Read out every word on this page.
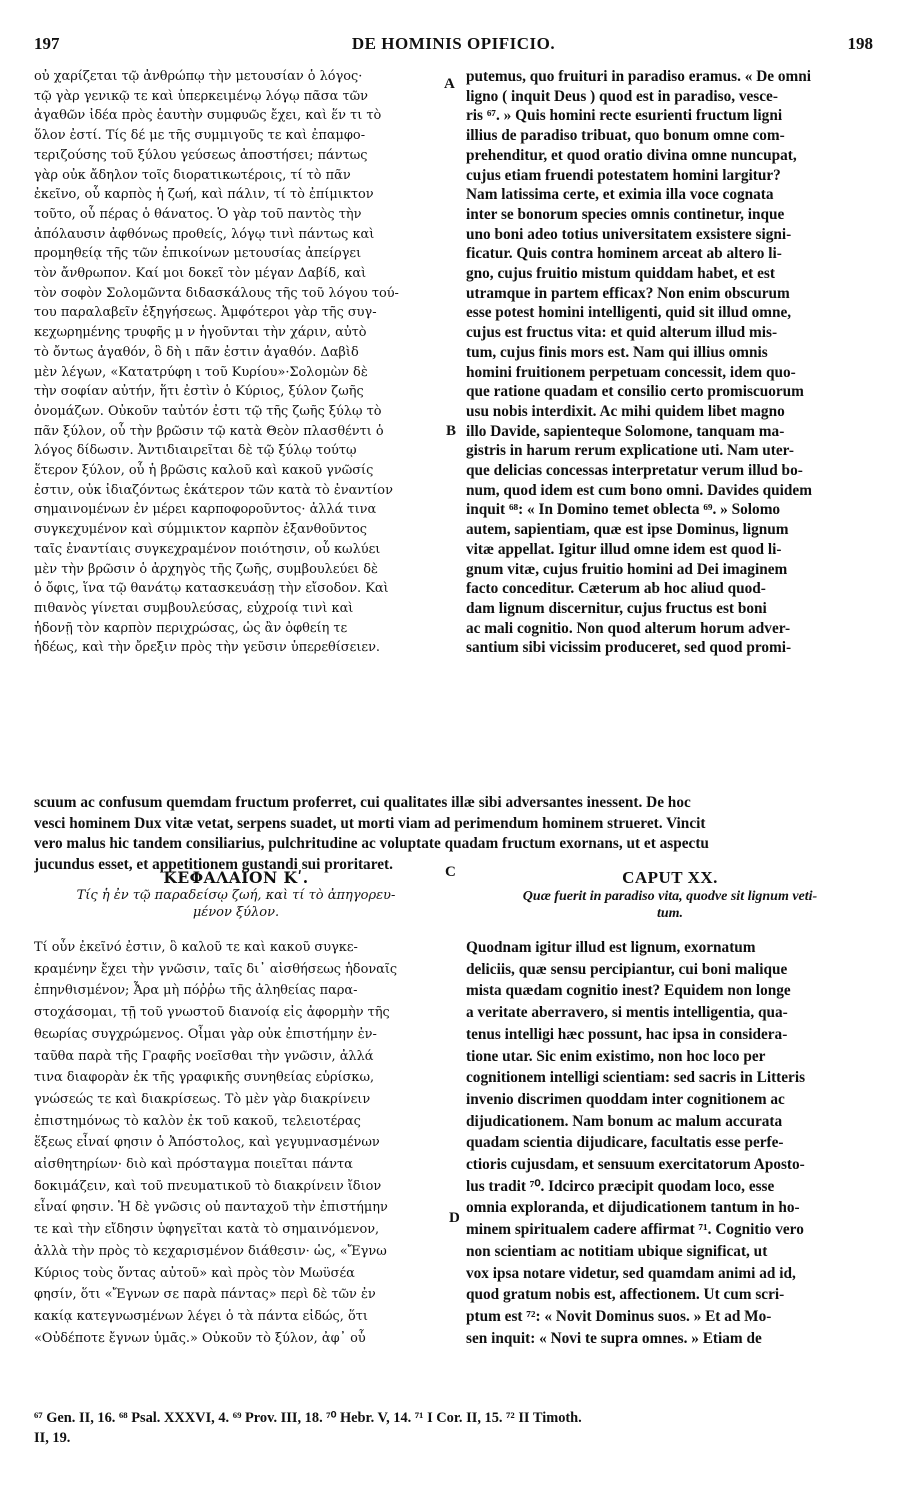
197	DE HOMINIS OPIFICIO.	198
οὐ χαρίζεται τῷ ἀνθρώπῳ τὴν μετουσίαν ὁ λόγος·
τῷ γὰρ γενικῷ τε καὶ ὑπερκειμένῳ λόγῳ πᾶσα τῶν
ἀγαθῶν ἰδέα πρὸς ἑαυτὴν συμφυῶς ἔχει, καὶ ἕν τι τὸ
ὅλον ἐστί. Τίς δέ με τῆς συμμιγοῦς τε καὶ ἐπαμφο-
τεριζούσης τοῦ ξύλου γεύσεως ἀποστήσει; πάντως
γὰρ οὐκ ἄδηλον τοῖς διορατικωτέροις, τί τὸ πᾶν
ἐκεῖνο, οὗ καρπὸς ἡ ζωή, καὶ πάλιν, τί τὸ ἐπίμικτον
τοῦτο, οὗ πέρας ὁ θάνατος. Ὁ γὰρ τοῦ παντὸς τὴν
ἀπόλαυσιν ἀφθόνως προθείς, λόγῳ τινὶ πάντως καὶ
προμηθείᾳ τῆς τῶν ἐπικοίνων μετουσίας ἀπείργει
τὸν ἄνθρωπον. Καί μοι δοκεῖ τὸν μέγαν Δαβίδ, καὶ
τὸν σοφὸν Σολομῶντα διδασκάλους τῆς τοῦ λόγου τού-
του παραλαβεῖν ἐξηγήσεως. Ἀμφότεροι γὰρ τῆς συγ-
κεχωρημένης τρυφῆς μ ν ἡγοῦνται τὴν χάριν, αὐτὸ
τὸ ὄντως ἀγαθόν, ὃ δὴ ι πᾶν ἐστιν ἀγαθόν. Δαβὶδ
μὲν λέγων, «Κατατρύφη ι τοῦ Κυρίου»·Σολομὼν δὲ
τὴν σοφίαν αὐτήν, ἥτι ἐστὶν ὁ Κύριος, ξύλον ζωῆς
ὀνομάζων. Οὐκοῦν ταὐτόν ἐστι τῷ τῆς ζωῆς ξύλῳ τὸ
πᾶν ξύλον, οὗ τὴν βρῶσιν τῷ κατὰ Θεὸν πλασθέντι ὁ
λόγος δίδωσιν. Ἀντιδιαιρεῖται δὲ τῷ ξύλῳ τούτῳ
ἕτερον ξύλον, οὗ ἡ βρῶσις καλοῦ καὶ κακοῦ γνῶσίς
ἐστιν, οὐκ ἰδιαζόντως ἑκάτερον τῶν κατὰ τὸ ἐναντίον
σημαινομένων ἐν μέρει καρποφοροῦντος· ἀλλά τινα
συγκεχυμένον καὶ σύμμικτον καρπὸν ἐξανθοῦντος
ταῖς ἐναντίαις συγκεχραμένον ποιότησιν, οὗ κωλύει
μὲν τὴν βρῶσιν ὁ ἀρχηγὸς τῆς ζωῆς, συμβουλεύει δὲ
ὁ ὄφις, ἵνα τῷ θανάτῳ κατασκευάσῃ τὴν εἴσοδον. Καὶ
πιθανὸς γίνεται συμβουλεύσας, εὐχροίᾳ τινὶ καὶ
ἡδονῇ τὸν καρπὸν περιχρώσας, ὡς ἂν ὀφθείη τε
ἡδέως, καὶ τὴν ὄρεξιν πρὸς τὴν γεῦσιν ὑπερεθίσειεν.
A
B
putemus, quo fruituri in paradiso eramus. « De omni
ligno ( inquit Deus ) quod est in paradiso, vesce-
ris ⁶⁷. » Quis homini recte esurienti fructum ligni
illius de paradiso tribuat, quo bonum omne com-
prehenditur, et quod oratio divina omne nuncupat,
cujus etiam fruendi potestatem homini largitur?
Nam latissima certe, et eximia illa voce cognata
inter se bonorum species omnis continetur, inque
uno boni adeo totius universitatem exsistere signi-
ficatur. Quis contra hominem arceat ab altero li-
gno, cujus fruitio mistum quiddam habet, et est
utramque in partem efficax? Non enim obscurum
esse potest homini intelligenti, quid sit illud omne,
cujus est fructus vita: et quid alterum illud mis-
tum, cujus finis mors est. Nam qui illius omnis
homini fruitionem perpetuam concessit, idem quo-
que ratione quadam et consilio certo promiscuorum
usu nobis interdixit. Ac mihi quidem libet magno
illo Davide, sapienteque Solomone, tanquam ma-
gistris in harum rerum explicatione uti. Nam uter-
que delicias concessas interpretatur verum illud bo-
num, quod idem est cum bono omni. Davides quidem
inquit ⁶⁸: « In Domino temet oblecta ⁶⁹. » Solomo
autem, sapientiam, quæ est ipse Dominus, lignum
vitæ appellat. Igitur illud omne idem est quod li-
gnum vitæ, cujus fruitio homini ad Dei imaginem
facto conceditur. Cæterum ab hoc aliud quod-
dam lignum discernitur, cujus fructus est boni
ac mali cognitio. Non quod alterum horum adver-
santium sibi vicissim produceret, sed quod promi-
scuum ac confusum quemdam fructum proferret, cui qualitates illæ sibi adversantes inessent. De hoc
vesci hominem Dux vitæ vetat, serpens suadet, ut morti viam ad perimendum hominem strueret. Vincit
vero malus hic tandem consiliarius, pulchritudine ac voluptate quadam fructum exornans, ut et aspectu
jucundus esset, et appetitionem gustandi sui proritaret.	C
ΚΕΦΑΛΑΙΟΝ Κʹ.
Τίς ἡ ἐν τῷ παραδείσῳ ζωή, καὶ τί τὸ ἀπηγορευ-
μένον ξύλον.
CAPUT XX.
Quæ fuerit in paradiso vita, quodve sit lignum veti-
tum.
Τί οὖν ἐκεῖνό ἐστιν, ὃ καλοῦ τε καὶ κακοῦ συγκε-
κραμένην ἔχει τὴν γνῶσιν, ταῖς δι᾽ αἰσθήσεως ἡδοναῖς
ἐπηνθισμένον; Ἆρα μὴ πόῤῥω τῆς ἀληθείας παρα-
στοχάσομαι, τῇ τοῦ γνωστοῦ διανοίᾳ εἰς ἀφορμὴν τῆς
θεωρίας συγχρώμενος. Οἶμαι γὰρ οὐκ ἐπιστήμην ἐν-
ταῦθα παρὰ τῆς Γραφῆς νοεῖσθαι τὴν γνῶσιν, ἀλλά
τινα διαφορὰν ἐκ τῆς γραφικῆς συνηθείας εὑρίσκω,
γνώσεώς τε καὶ διακρίσεως. Τὸ μὲν γὰρ διακρίνειν
ἐπιστημόνως τὸ καλὸν ἐκ τοῦ κακοῦ, τελειοτέρας
ἕξεως εἶναί φησιν ὁ Ἀπόστολος, καὶ γεγυμνασμένων
αἰσθητηρίων· διὸ καὶ πρόσταγμα ποιεῖται πάντα
δοκιμάζειν, καὶ τοῦ πνευματικοῦ τὸ διακρίνειν ἴδιον
εἶναί φησιν. Ἡ δὲ γνῶσις οὐ πανταχοῦ τὴν ἐπιστήμην
τε καὶ τὴν εἴδησιν ὑφηγεῖται κατὰ τὸ σημαινόμενον,
ἀλλὰ τὴν πρὸς τὸ κεχαρισμένον διάθεσιν· ὡς, «Ἔγνω
Κύριος τοὺς ὄντας αὐτοῦ» καὶ πρὸς τὸν Μωϋσέα
φησίν, ὅτι «Ἔγνων σε παρὰ πάντας» περὶ δὲ τῶν ἐν
κακίᾳ κατεγνωσμένων λέγει ὁ τὰ πάντα εἰδώς, ὅτι
«Οὐδέποτε ἔγνων ὑμᾶς.» Οὐκοῦν τὸ ξύλον, ἀφ᾽ οὗ
D
Quodnam igitur illud est lignum, exornatum
deliciis, quæ sensu percipiantur, cui boni malique
mista quædam cognitio inest? Equidem non longe
a veritate aberravero, si mentis intelligentia, qua-
tenus intelligi hæc possunt, hac ipsa in considera-
tione utar. Sic enim existimo, non hoc loco per
cognitionem intelligi scientiam: sed sacris in Litteris
invenio discrimen quoddam inter cognitionem ac
dijudicationem. Nam bonum ac malum accurata
quadam scientia dijudicare, facultatis esse perfe-
ctioris cujusdam, et sensuum exercitatorum Aposto-
lus tradit ⁷⁰. Idcirco præcipit quodam loco, esse
omnia exploranda, et dijudicationem tantum in ho-
minem spiritualem cadere affirmat ⁷¹. Cognitio vero
non scientiam ac notitiam ubique significat, ut
vox ipsa notare videtur, sed quamdam animi ad id,
quod gratum nobis est, affectionem. Ut cum scri-
ptum est ⁷²: « Novit Dominus suos. » Et ad Mo-
sen inquit: « Novi te supra omnes. » Etiam de
⁶⁷ Gen. II, 16. ⁶⁸ Psal. XXXVI, 4. ⁶⁹ Prov. III, 18. ⁷⁰ Hebr. V, 14. ⁷¹ I Cor. II, 15. ⁷² II Timoth.
II, 19.
